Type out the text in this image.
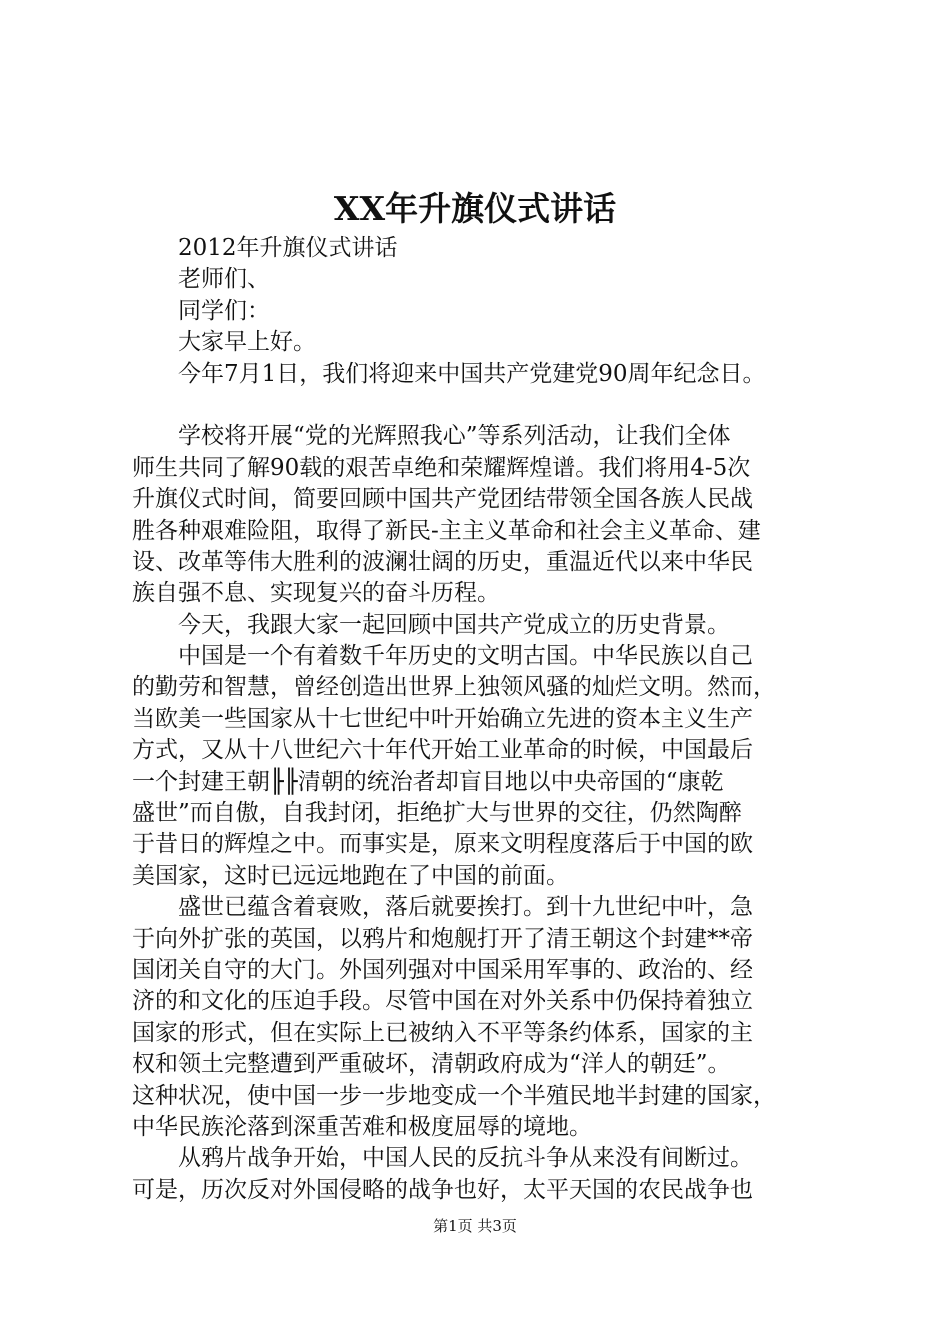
XX年升旗仪式讲话
2012年升旗仪式讲话
老师们、
同学们：
大家早上好。
今年7月1日，我们将迎来中国共产党建党90周年纪念日。
学校将开展“党的光辉照我心”等系列活动，让我们全体
师生共同了解90载的艰苦卓绝和荣耀辉煌谱。我们将用4-5次
升旗仪式时间，简要回顾中国共产党团结带领全国各族人民战
胜各种艰难险阻，取得了新民-主主义革命和社会主义革命、建
设、改革等伟大胜利的波澜壮阔的历史，重温近代以来中华民
族自强不息、实现复兴的奋斗历程。
今天，我跟大家一起回顾中国共产党成立的历史背景。
中国是一个有着数千年历史的文明古国。中华民族以自己
的勤劳和智慧，曾经创造出世界上独领风骚的灿烂文明。然而，
当欧美一些国家从十七世纪中叶开始确立先进的资本主义生产
方式，又从十八世纪六十年代开始工业革命的时候，中国最后
一个封建王朝╟╟清朝的统治者却盲目地以中央帝国的“康乾
盛世”而自傲，自我封闭，拒绝扩大与世界的交往，仍然陶醉
于昔日的辉煌之中。而事实是，原来文明程度落后于中国的欧
美国家，这时已远远地跑在了中国的前面。
盛世已蕴含着衰败，落后就要挨打。到十九世纪中叶，急
于向外扩张的英国，以鸦片和炮舰打开了清王朝这个封建**帝
国闭关自守的大门。外国列强对中国采用军事的、政治的、经
济的和文化的压迫手段。尽管中国在对外关系中仍保持着独立
国家的形式，但在实际上已被纳入不平等条约体系，国家的主
权和领土完整遭到严重破坏，清朝政府成为“洋人的朝廷”。
这种状况，使中国一步一步地变成一个半殖民地半封建的国家，
中华民族沦落到深重苦难和极度屈辱的境地。
从鸦片战争开始，中国人民的反抗斗争从来没有间断过。
可是，历次反对外国侵略的战争也好，太平天国的农民战争也
第1页 共3页
